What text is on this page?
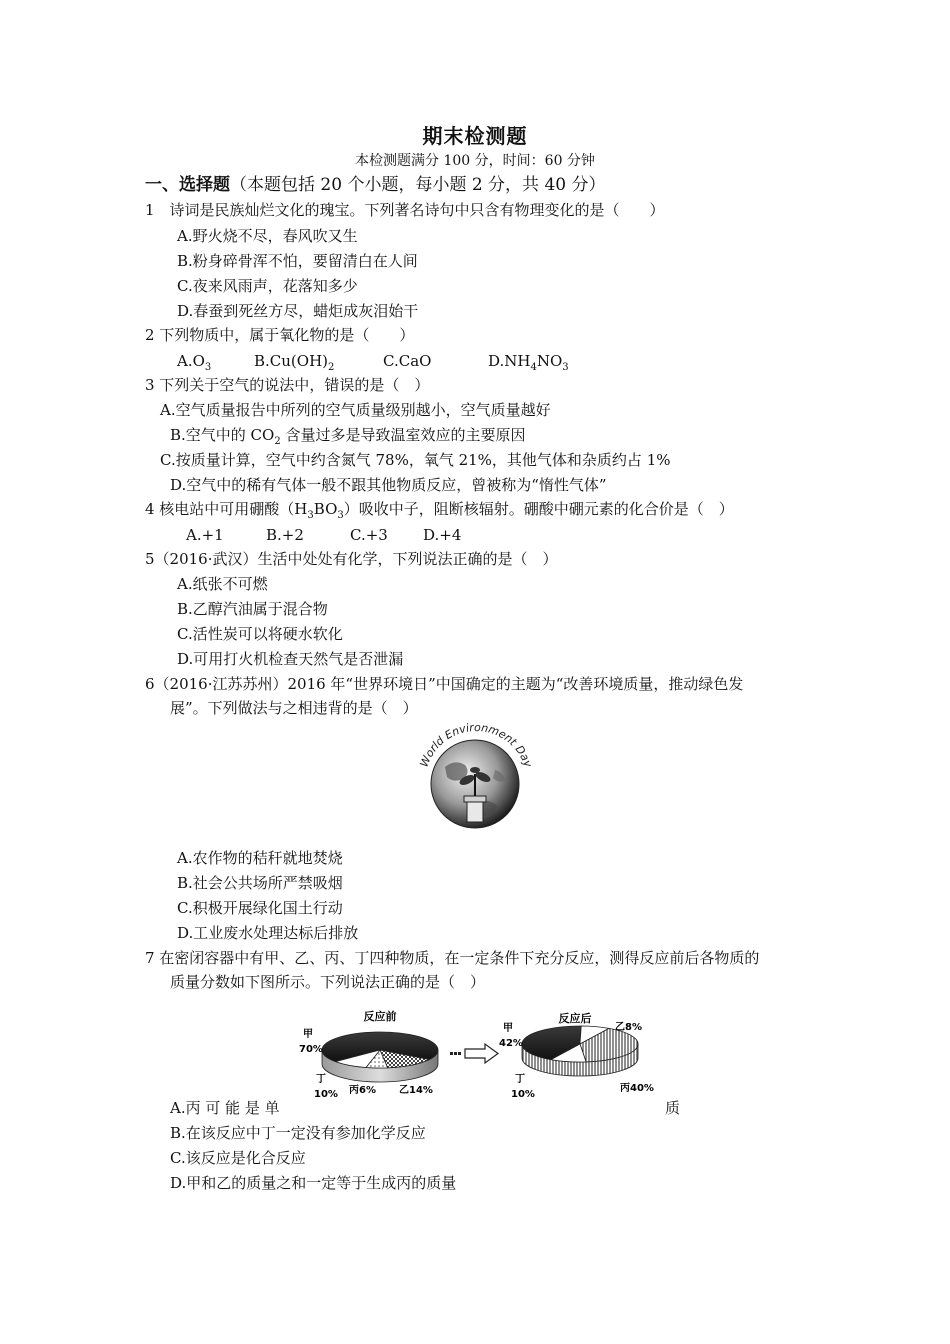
期末检测题
本检测题满分 100 分，时间：60 分钟
一、选择题（本题包括 20 个小题，每小题 2 分，共 40 分）
1　诗词是民族灿烂文化的瑰宝。下列著名诗句中只含有物理变化的是（　　）
A.野火烧不尽，春风吹又生
B.粉身碎骨浑不怕，要留清白在人间
C.夜来风雨声，花落知多少
D.春蚕到死丝方尽，蜡炬成灰泪始干
2 下列物质中，属于氧化物的是（　　）
$A.O_3$	$B.Cu(OH)_2$	C.CaO	$D.NH_4NO_3$
3 下列关于空气的说法中，错误的是（　）
A.空气质量报告中所列的空气质量级别越小，空气质量越好
B.空气中的 $CO_2$ 含量过多是导致温室效应的主要原因
C.按质量计算，空气中约含氮气 78%，氧气 21%，其他气体和杂质约占 1%
D.空气中的稀有气体一般不跟其他物质反应，曾被称为“惰性气体”
4 核电站中可用硼酸$(H_3BO_3)$吸收中子，阻断核辐射。硼酸中硼元素的化合价是（　）
A.+1	B.+2	C.+3 D.+4
5（2016·武汉）生活中处处有化学，下列说法正确的是（　）
A.纸张不可燃
B.乙醇汽油属于混合物
C.活性炭可以将硬水软化
D.可用打火机检查天然气是否泄漏
6（2016·江苏苏州）2016 年“世界环境日”中国确定的主题为“改善环境质量，推动绿色发
展”。下列做法与之相违背的是（　）
World Environment Day
A.农作物的秸秆就地焚烧
B.社会公共场所严禁吸烟
C.积极开展绿化国土行动
D.工业废水处理达标后排放
7 在密闭容器中有甲、乙、丙、丁四种物质，在一定条件下充分反应，测得反应前后各物质的
质量分数如下图所示。下列说法正确的是（　）
反应前
甲
70%
丁
10% 丙6% 乙14%
反应后
甲
42%
丁
10%
乙8%
丙40%
A.丙 可 能 是 单	质
B.在该反应中丁一定没有参加化学反应
C.该反应是化合反应
D.甲和乙的质量之和一定等于生成丙的质量
